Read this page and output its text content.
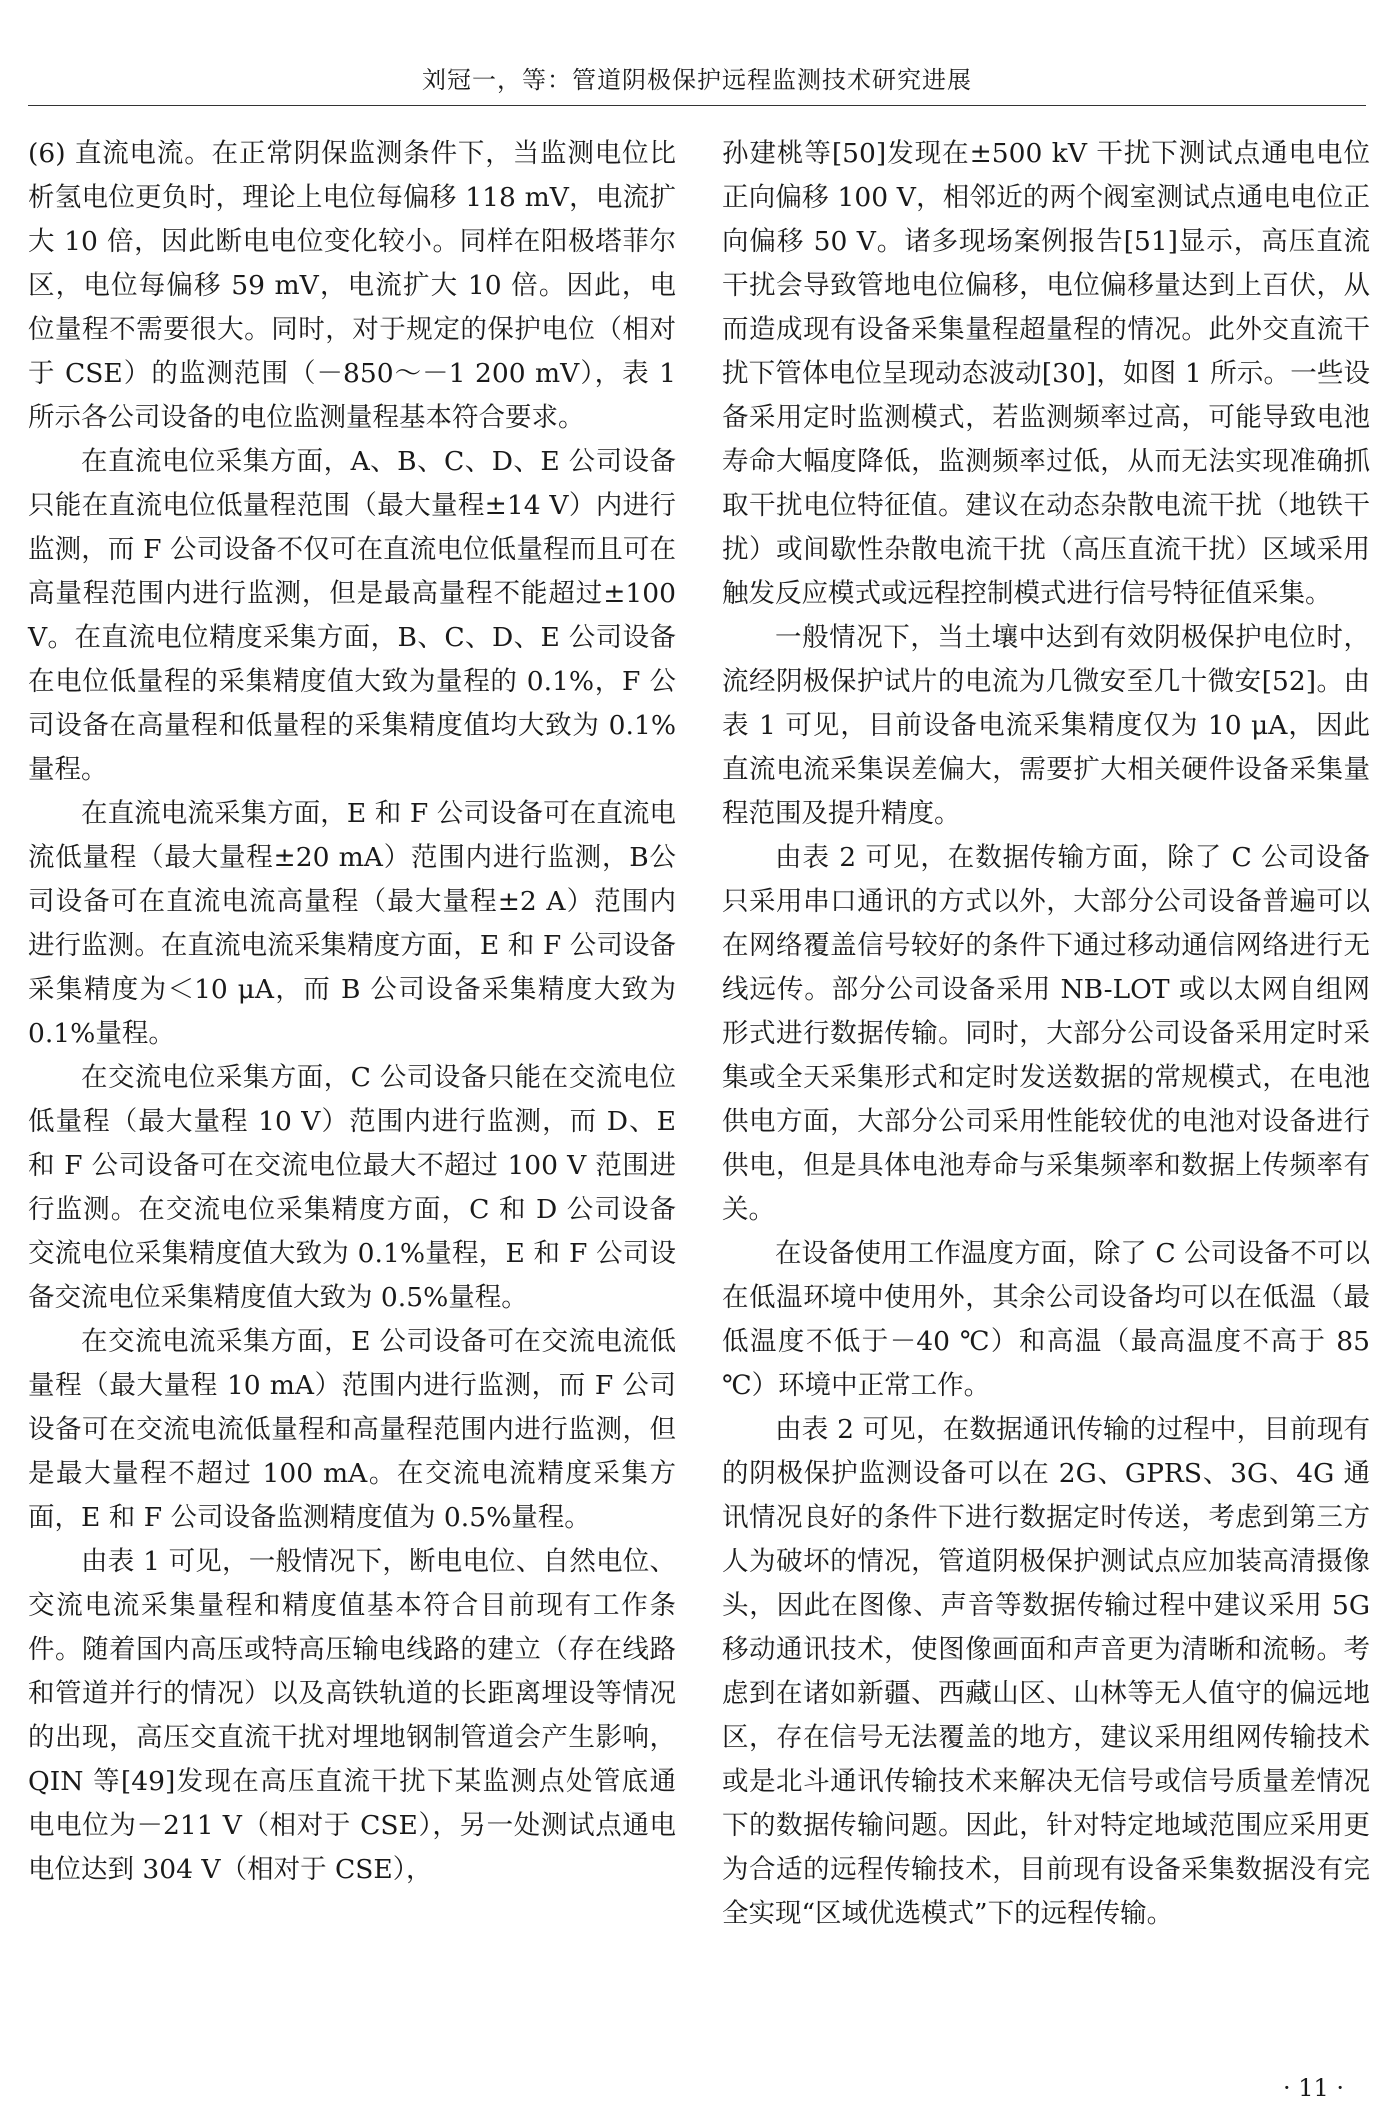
刘冠一，等：管道阴极保护远程监测技术研究进展

(6) 直流电流。在正常阴保监测条件下，当监测电位比析氢电位更负时，理论上电位每偏移 118 mV，电流扩大 10 倍，因此断电电位变化较小。同样在阳极塔菲尔区，电位每偏移 59 mV，电流扩大 10 倍。因此，电位量程不需要很大。同时，对于规定的保护电位（相对于 CSE）的监测范围（－850～－1 200 mV），表 1 所示各公司设备的电位监测量程基本符合要求。

在直流电位采集方面，A、B、C、D、E 公司设备只能在直流电位低量程范围（最大量程±14 V）内进行监测，而 F 公司设备不仅可在直流电位低量程而且可在高量程范围内进行监测，但是最高量程不能超过±100 V。在直流电位精度采集方面，B、C、D、E 公司设备在电位低量程的采集精度值大致为量程的 0.1%，F 公司设备在高量程和低量程的采集精度值均大致为 0.1%量程。

在直流电流采集方面，E 和 F 公司设备可在直流电流低量程（最大量程±20 mA）范围内进行监测，B公司设备可在直流电流高量程（最大量程±2 A）范围内进行监测。在直流电流采集精度方面，E 和 F 公司设备采集精度为＜10 μA，而 B 公司设备采集精度大致为 0.1%量程。

在交流电位采集方面，C 公司设备只能在交流电位低量程（最大量程 10 V）范围内进行监测，而 D、E 和 F 公司设备可在交流电位最大不超过 100 V 范围进行监测。在交流电位采集精度方面，C 和 D 公司设备交流电位采集精度值大致为 0.1%量程，E 和 F 公司设备交流电位采集精度值大致为 0.5%量程。

在交流电流采集方面，E 公司设备可在交流电流低量程（最大量程 10 mA）范围内进行监测，而 F 公司设备可在交流电流低量程和高量程范围内进行监测，但是最大量程不超过 100 mA。在交流电流精度采集方面，E 和 F 公司设备监测精度值为 0.5%量程。

由表 1 可见，一般情况下，断电电位、自然电位、交流电流采集量程和精度值基本符合目前现有工作条件。随着国内高压或特高压输电线路的建立（存在线路和管道并行的情况）以及高铁轨道的长距离埋设等情况的出现，高压交直流干扰对埋地钢制管道会产生影响，QIN 等[49]发现在高压直流干扰下某监测点处管底通电电位为－211 V（相对于 CSE），另一处测试点通电电位达到 304 V（相对于 CSE），

孙建桃等[50]发现在±500 kV 干扰下测试点通电电位正向偏移 100 V，相邻近的两个阀室测试点通电电位正向偏移 50 V。诸多现场案例报告[51]显示，高压直流干扰会导致管地电位偏移，电位偏移量达到上百伏，从而造成现有设备采集量程超量程的情况。此外交直流干扰下管体电位呈现动态波动[30]，如图 1 所示。一些设备采用定时监测模式，若监测频率过高，可能导致电池寿命大幅度降低，监测频率过低，从而无法实现准确抓取干扰电位特征值。建议在动态杂散电流干扰（地铁干扰）或间歇性杂散电流干扰（高压直流干扰）区域采用触发反应模式或远程控制模式进行信号特征值采集。

一般情况下，当土壤中达到有效阴极保护电位时，流经阴极保护试片的电流为几微安至几十微安[52]。由表 1 可见，目前设备电流采集精度仅为 10 μA，因此直流电流采集误差偏大，需要扩大相关硬件设备采集量程范围及提升精度。

由表 2 可见，在数据传输方面，除了 C 公司设备只采用串口通讯的方式以外，大部分公司设备普遍可以在网络覆盖信号较好的条件下通过移动通信网络进行无线远传。部分公司设备采用 NB-LOT 或以太网自组网形式进行数据传输。同时，大部分公司设备采用定时采集或全天采集形式和定时发送数据的常规模式，在电池供电方面，大部分公司采用性能较优的电池对设备进行供电，但是具体电池寿命与采集频率和数据上传频率有关。

在设备使用工作温度方面，除了 C 公司设备不可以在低温环境中使用外，其余公司设备均可以在低温（最低温度不低于－40 ℃）和高温（最高温度不高于 85 ℃）环境中正常工作。

由表 2 可见，在数据通讯传输的过程中，目前现有的阴极保护监测设备可以在 2G、GPRS、3G、4G 通讯情况良好的条件下进行数据定时传送，考虑到第三方人为破坏的情况，管道阴极保护测试点应加装高清摄像头，因此在图像、声音等数据传输过程中建议采用 5G 移动通讯技术，使图像画面和声音更为清晰和流畅。考虑到在诸如新疆、西藏山区、山林等无人值守的偏远地区，存在信号无法覆盖的地方，建议采用组网传输技术或是北斗通讯传输技术来解决无信号或信号质量差情况下的数据传输问题。因此，针对特定地域范围应采用更为合适的远程传输技术，目前现有设备采集数据没有完全实现“区域优选模式”下的远程传输。

· 11 ·
